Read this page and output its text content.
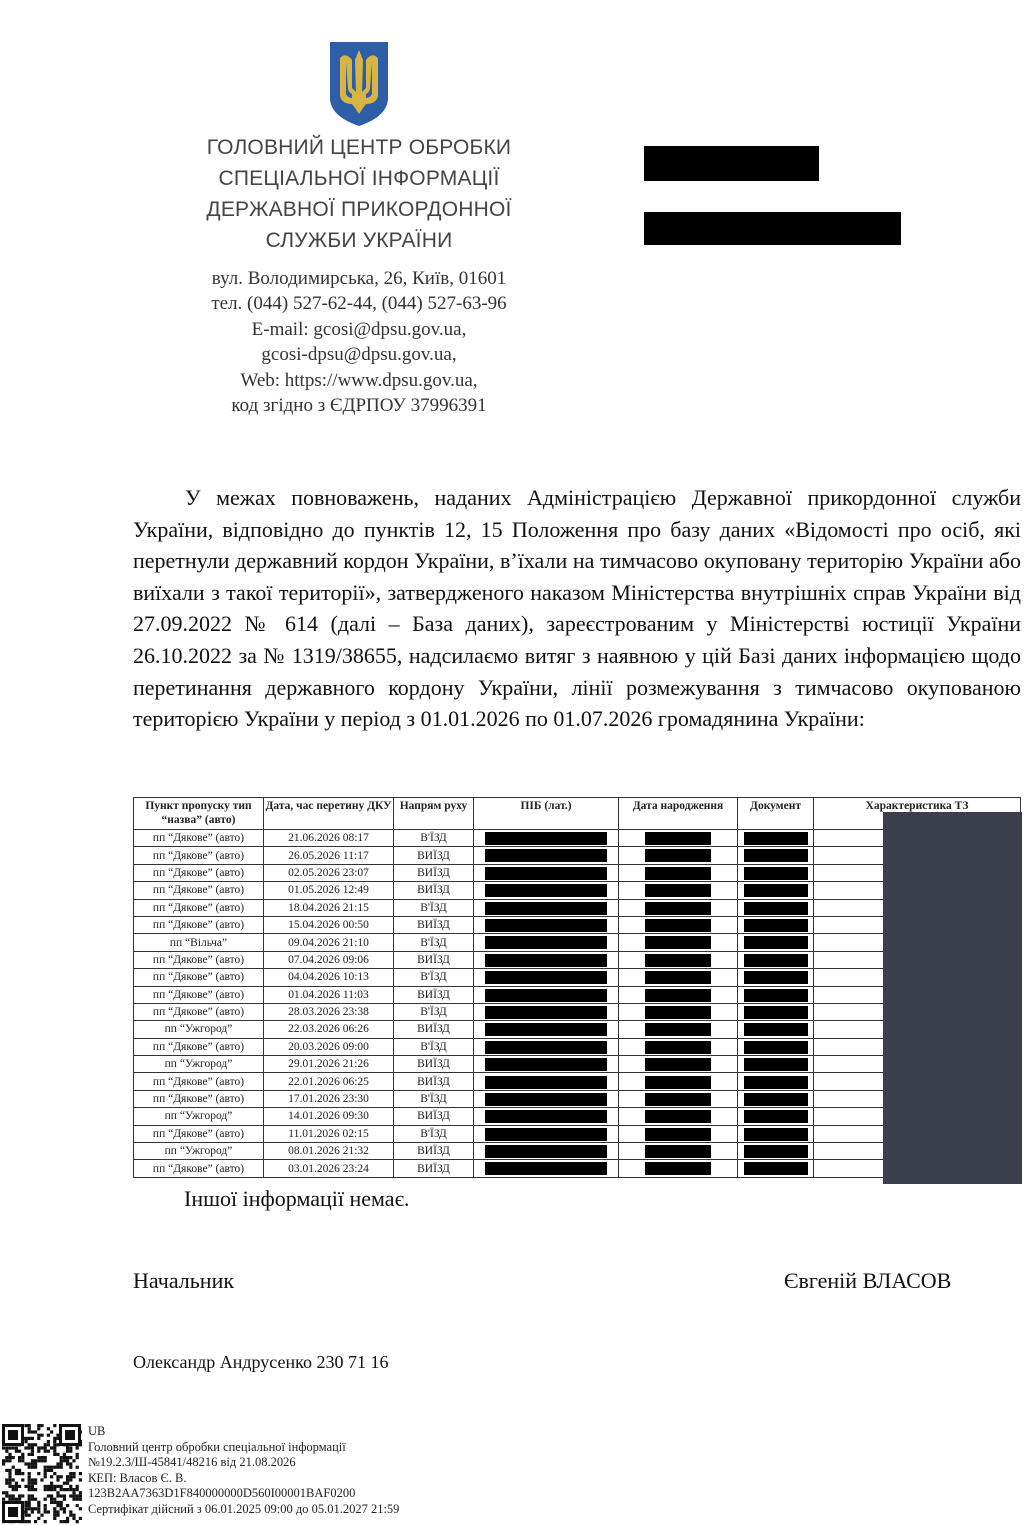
ГОЛОВНИЙ ЦЕНТР ОБРОБКИ
СПЕЦІАЛЬНОЇ ІНФОРМАЦІЇ
ДЕРЖАВНОЇ ПРИКОРДОННОЇ
СЛУЖБИ УКРАЇНИ
вул. Володимирська, 26, Київ, 01601
тел. (044) 527-62-44, (044) 527-63-96
E-mail: gcosi@dpsu.gov.ua,
gcosi-dpsu@dpsu.gov.ua,
Web: https://www.dpsu.gov.ua,
код згідно з ЄДРПОУ 37996391

У межах повноважень, наданих Адміністрацією Державної прикордонної служби України, відповідно до пунктів 12, 15 Положення про базу даних «Відомості про осіб, які перетнули державний кордон України, в’їхали на тимчасово окуповану територію України або виїхали з такої території», затвердженого наказом Міністерства внутрішніх справ України від 27.09.2022 № 614 (далі – База даних), зареєстрованим у Міністерстві юстиції України 26.10.2022 за № 1319/38655, надсилаємо витяг з наявною у цій Базі даних інформацією щодо перетинання державного кордону України, лінії розмежування з тимчасово окупованою територією України у період з 01.01.2026 по 01.07.2026 громадянина України:

Пункт пропуску тип “назва” (авто)	Дата, час перетину ДКУ	Напрям руху	ПІБ (лат.)	Дата народження	Документ	Характеристика ТЗ
пп “Дякове” (авто)	21.06.2026 08:17	В'ЇЗД				
пп “Дякове” (авто)	26.05.2026 11:17	ВИЇЗД				
пп “Дякове” (авто)	02.05.2026 23:07	ВИЇЗД				
пп “Дякове” (авто)	01.05.2026 12:49	ВИЇЗД				
пп “Дякове” (авто)	18.04.2026 21:15	В'ЇЗД				
пп “Дякове” (авто)	15.04.2026 00:50	ВИЇЗД				
пп “Вільча”	09.04.2026 21:10	В'ЇЗД				
пп “Дякове” (авто)	07.04.2026 09:06	ВИЇЗД				
пп “Дякове” (авто)	04.04.2026 10:13	В'ЇЗД				
пп “Дякове” (авто)	01.04.2026 11:03	ВИЇЗД				
пп “Дякове” (авто)	28.03.2026 23:38	В'ЇЗД				
пп “Ужгород”	22.03.2026 06:26	ВИЇЗД				
пп “Дякове” (авто)	20.03.2026 09:00	В'ЇЗД				
пп “Ужгород”	29.01.2026 21:26	ВИЇЗД				
пп “Дякове” (авто)	22.01.2026 06:25	ВИЇЗД				
пп “Дякове” (авто)	17.01.2026 23:30	В'ЇЗД				
пп “Ужгород”	14.01.2026 09:30	ВИЇЗД				
пп “Дякове” (авто)	11.01.2026 02:15	В'ЇЗД				
пп “Ужгород”	08.01.2026 21:32	ВИЇЗД				
пп “Дякове” (авто)	03.01.2026 23:24	ВИЇЗД				
Іншої інформації немає.
Начальник	Євгеній ВЛАСОВ
Олександр Андрусенко 230 71 16
UB
Головний центр обробки спеціальної інформації
№19.2.3/Ш-45841/48216 від 21.08.2026
КЕП: Власов Є. В.
123B2AA7363D1F840000000D560I00001BAF0200
Сертифікат дійсний з 06.01.2025 09:00 до 05.01.2027 21:59
